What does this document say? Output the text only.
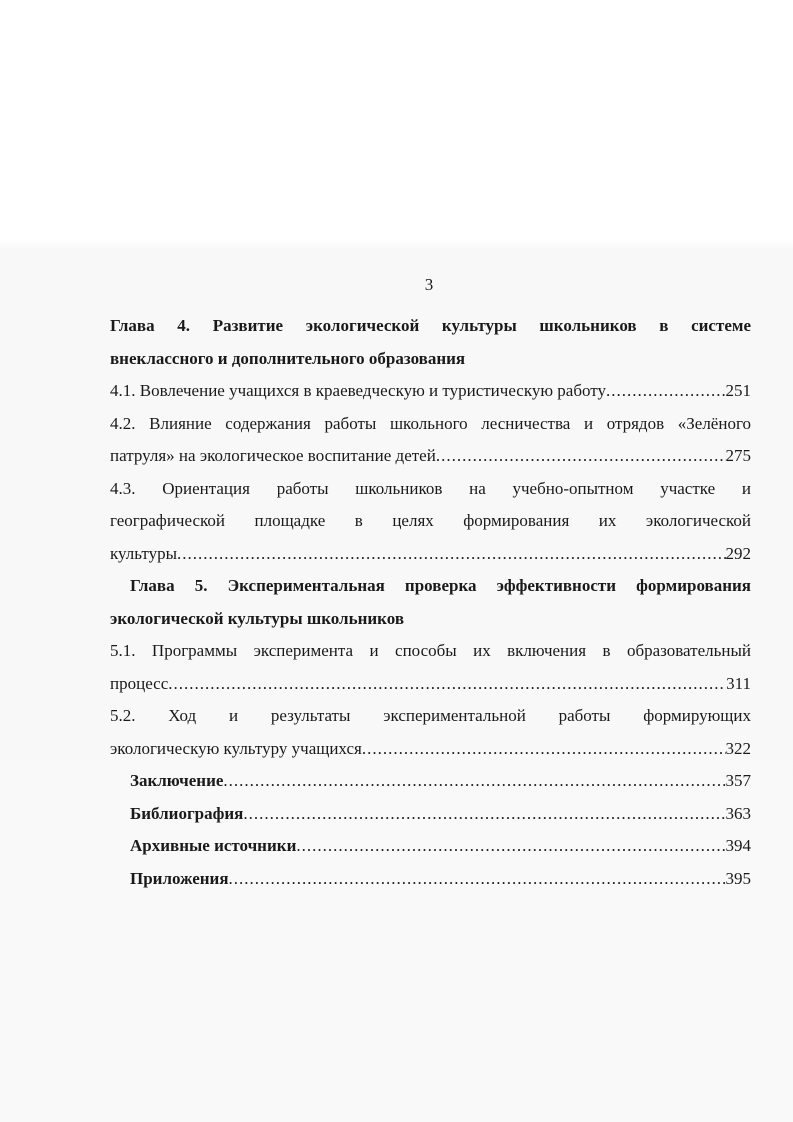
3
Глава 4. Развитие экологической культуры школьников в системе
внеклассного и дополнительного образования
4.1. Вовлечение учащихся в краеведческую и туристическую работу .....	251
4.2. Влияние содержания работы школьного лесничества и отрядов «Зелёного
патруля» на экологическое воспитание детей .....	275
4.3. Ориентация работы школьников на учебно-опытном участке и
географической площадке в целях формирования их экологической
культуры .....	292
Глава 5. Экспериментальная проверка эффективности формирования
экологической культуры школьников
5.1. Программы эксперимента и способы их включения в образовательный
процесс .....	311
5.2. Ход и результаты экспериментальной работы формирующих
экологическую культуру учащихся .....	322
Заключение .....	357
Библиография .....	363
Архивные источники .....	394
Приложения .....	395
